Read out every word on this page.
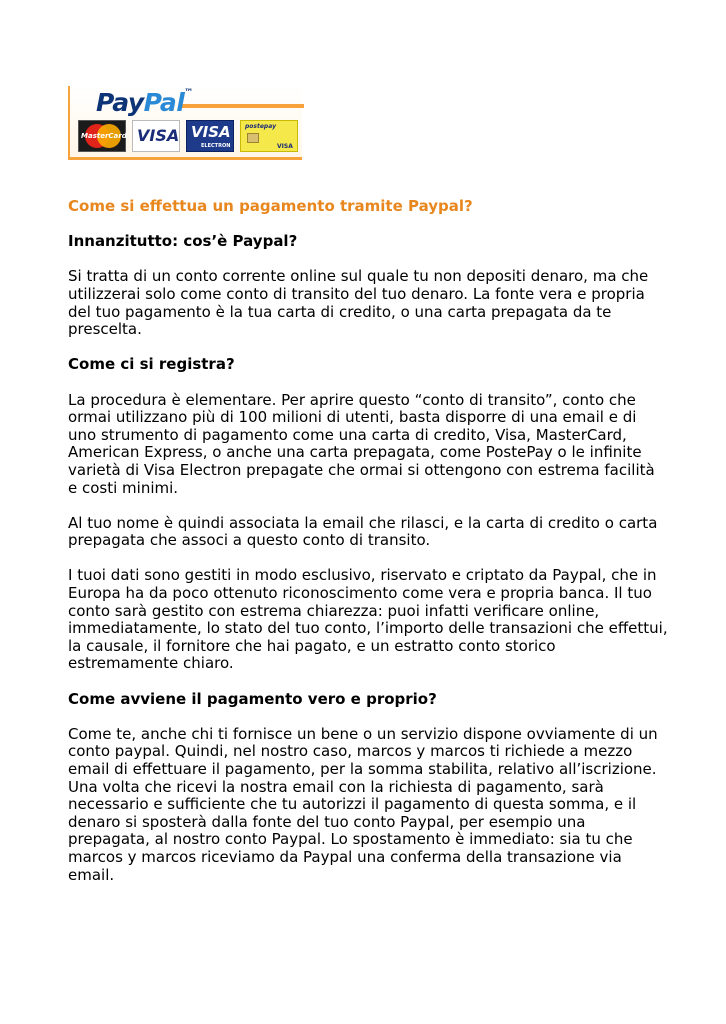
PayPal™
MasterCard VISA VISA
ELECTRON
postepay
VISA

Come si effettua un pagamento tramite Paypal?

Innanzitutto: cos’è Paypal?

Si tratta di un conto corrente online sul quale tu non depositi denaro, ma che utilizzerai solo come conto di transito del tuo denaro. La fonte vera e propria del tuo pagamento è la tua carta di credito, o una carta prepagata da te prescelta.

Come ci si registra?

La procedura è elementare. Per aprire questo “conto di transito”, conto che ormai utilizzano più di 100 milioni di utenti, basta disporre di una email e di uno strumento di pagamento come una carta di credito, Visa, MasterCard, American Express, o anche una carta prepagata, come PostePay o le infinite varietà di Visa Electron prepagate che ormai si ottengono con estrema facilità e costi minimi.

Al tuo nome è quindi associata la email che rilasci, e la carta di credito o carta prepagata che associ a questo conto di transito.

I tuoi dati sono gestiti in modo esclusivo, riservato e criptato da Paypal, che in Europa ha da poco ottenuto riconoscimento come vera e propria banca. Il tuo conto sarà gestito con estrema chiarezza: puoi infatti verificare online, immediatamente, lo stato del tuo conto, l’importo delle transazioni che effettui, la causale, il fornitore che hai pagato, e un estratto conto storico estremamente chiaro.

Come avviene il pagamento vero e proprio?

Come te, anche chi ti fornisce un bene o un servizio dispone ovviamente di un conto paypal. Quindi, nel nostro caso, marcos y marcos ti richiede a mezzo email di effettuare il pagamento, per la somma stabilita, relativo all’iscrizione. Una volta che ricevi la nostra email con la richiesta di pagamento, sarà necessario e sufficiente che tu autorizzi il pagamento di questa somma, e il denaro si sposterà dalla fonte del tuo conto Paypal, per esempio una prepagata, al nostro conto Paypal. Lo spostamento è immediato: sia tu che marcos y marcos riceviamo da Paypal una conferma della transazione via email.
